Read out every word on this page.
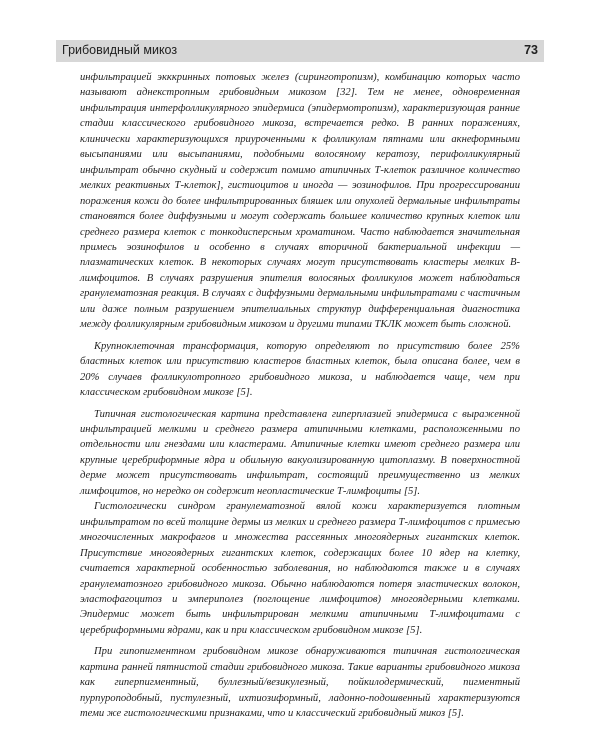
Грибовидный микоз	73

инфильтрацией экккринных потовых желез (сиринготропизм), комбинацию которых часто называют аднекстропным грибовидным микозом [32]. Тем не менее, одновременная инфильтрация интерфолликулярного эпидермиса (эпидермотропизм), характеризующая ранние стадии классического грибовидного микоза, встречается редко. В ранних поражениях, клинически характеризующихся приуроченными к фолликулам пятнами или акнеформными высыпаниями или высыпаниями, подобными волосяному кератозу, перифолликулярный инфильтрат обычно скудный и содержит помимо атипичных Т-клеток различное количество мелких реактивных Т-клеток], гистиоцитов и иногда — эозинофилов. При прогрессировании поражения кожи до более инфильтрированных бляшек или опухолей дермальные инфильтраты становятся более диффузными и могут содержать большее количество крупных клеток или среднего размера клеток с тонкодисперсным хроматином. Часто наблюдается значительная примесь эозинофилов и особенно в случаях вторичной бактериальной инфекции — плазматических клеток. В некоторых случаях могут присутствовать кластеры мелких В-лимфоцитов. В случаях разрушения эпителия волосяных фолликулов может наблюдаться гранулематозная реакция. В случаях с диффузными дермальными инфильтратами с частичным или даже полным разрушением эпителиальных структур дифференциальная диагностика между фолликулярным грибовидным микозом и другими типами ТКЛК может быть сложной.

Крупноклеточная трансформация, которую определяют по присутствию более 25% бластных клеток или присутствию кластеров бластных клеток, была описана более, чем в 20% случаев фолликулотропного грибовидного микоза, и наблюдается чаще, чем при классическом грибовидном микозе [5].

Типичная гистологическая картина представлена гиперплазией эпидермиса с выраженной инфильтрацией мелкими и среднего размера атипичными клетками, расположенными по отдельности или гнездами или кластерами. Атипичные клетки имеют среднего размера или крупные церебриформные ядра и обильную вакуолизированную цитоплазму. В поверхностной дерме может присутствовать инфильтрат, состоящий преимущественно из мелких лимфоцитов, но нередко он содержит неопластические Т-лимфоциты [5].

Гистологически синдром гранулематозной вялой кожи характеризуется плотным инфильтратом по всей толщине дермы из мелких и среднего размера Т-лимфоцитов с примесью многочисленных макрофагов и множества рассеянных многоядерных гигантских клеток. Присутствие многоядерных гигантских клеток, содержащих более 10 ядер на клетку, считается характерной особенностью заболевания, но наблюдаются также и в случаях гранулематозного грибовидного микоза. Обычно наблюдаются потеря эластических волокон, эластофагоцитоз и эмпериполез (поглощение лимфоцитов) многоядерными клетками. Эпидермис может быть инфильтрирован мелкими атипичными Т-лимфоцитами с церебриформными ядрами, как и при классическом грибовидном микозе [5].

При гипопигментном грибовидном микозе обнаруживаются типичная гистологическая картина ранней пятнистой стадии грибовидного микоза. Такие варианты грибовидного микоза как гиперпигментный, буллезный/везикулезный, пойкилодермический, пигментный пурпуроподобный, пустулезный, ихтиозиформный, ладонно-подошвенный характеризуются теми же гистологическими признаками, что и классический грибовидный микоз [5].
